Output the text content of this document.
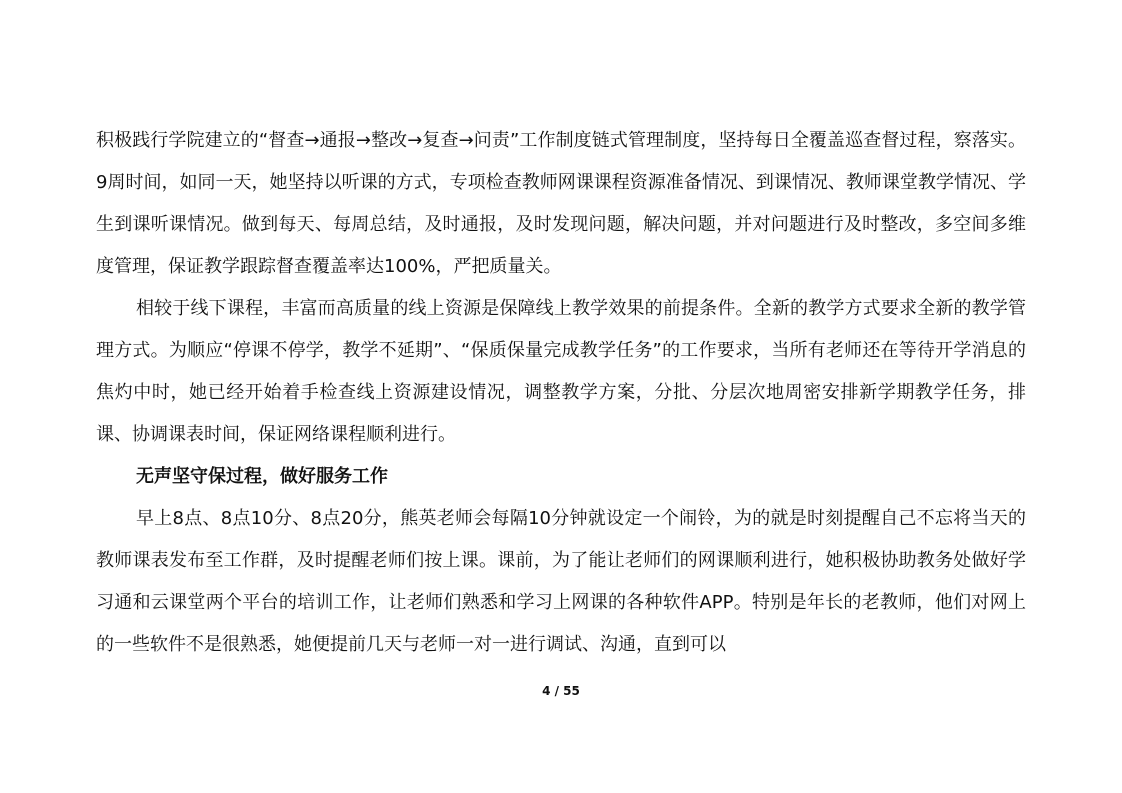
积极践行学院建立的“督查→通报→整改→复查→问责”工作制度链式管理制度，坚持每日全覆盖巡查督过程，察落实。9周时间，如同一天，她坚持以听课的方式，专项检查教师网课课程资源准备情况、到课情况、教师课堂教学情况、学生到课听课情况。做到每天、每周总结，及时通报，及时发现问题，解决问题，并对问题进行及时整改，多空间多维度管理，保证教学跟踪督查覆盖率达100%，严把质量关。

相较于线下课程，丰富而高质量的线上资源是保障线上教学效果的前提条件。全新的教学方式要求全新的教学管理方式。为顺应“停课不停学，教学不延期”、“保质保量完成教学任务”的工作要求，当所有老师还在等待开学消息的焦灼中时，她已经开始着手检查线上资源建设情况，调整教学方案，分批、分层次地周密安排新学期教学任务，排课、协调课表时间，保证网络课程顺利进行。

无声坚守保过程，做好服务工作

早上8点、8点10分、8点20分，熊英老师会每隔10分钟就设定一个闹铃，为的就是时刻提醒自己不忘将当天的教师课表发布至工作群，及时提醒老师们按上课。课前，为了能让老师们的网课顺利进行，她积极协助教务处做好学习通和云课堂两个平台的培训工作，让老师们熟悉和学习上网课的各种软件APP。特别是年长的老教师，他们对网上的一些软件不是很熟悉，她便提前几天与老师一对一进行调试、沟通，直到可以

4 / 55
